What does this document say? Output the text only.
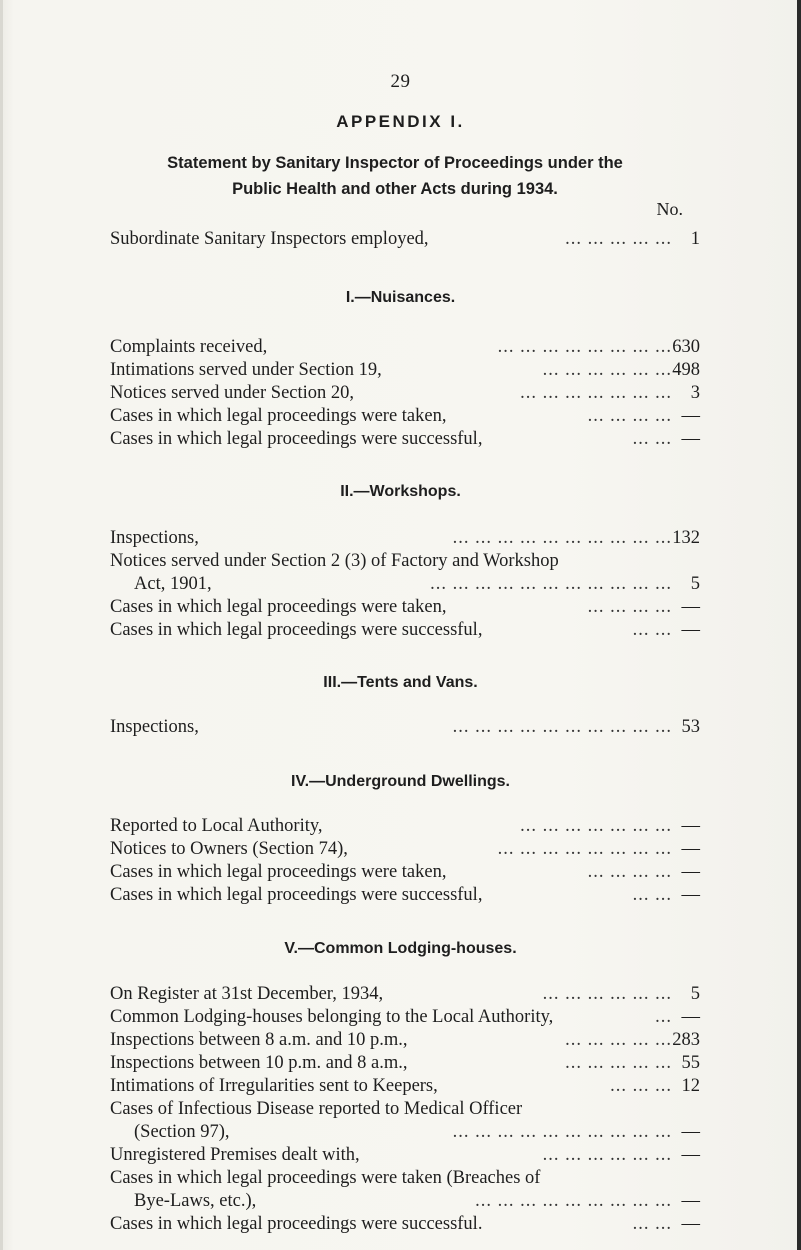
29
APPENDIX I.
Statement by Sanitary Inspector of Proceedings under the
Public Health and other Acts during 1934.
No.
Subordinate Sanitary Inspectors employed,	... ... ... ... ...	1
I.—Nuisances.
Complaints received,	... ... ... ... ... ... ... ... 630
Intimations served under Section 19,	... ... ... ... ... ... 498
Notices served under Section 20,	... ... ... ... ... ... ...	3
Cases in which legal proceedings were taken,	... ... ... ... —
Cases in which legal proceedings were successful,	... ... —
II.—Workshops.
Inspections,	... ... ... ... ... ... ... ... ... ... 132
Notices served under Section 2 (3) of Factory and Workshop
Act, 1901,	... ... ... ... ... ... ... ... ... ... ...	5
Cases in which legal proceedings were taken,	... ... ... ... —
Cases in which legal proceedings were successful,	... ... —
III.—Tents and Vans.
Inspections,	... ... ... ... ... ... ... ... ... ... 53
IV.—Underground Dwellings.
Reported to Local Authority,	... ... ... ... ... ... ... —
Notices to Owners (Section 74),	... ... ... ... ... ... ... ... —
Cases in which legal proceedings were taken,	... ... ... ... —
Cases in which legal proceedings were successful,	... ... —
V.—Common Lodging-houses.
On Register at 31st December, 1934,	... ... ... ... ... ...	5
Common Lodging-houses belonging to the Local Authority,	... —
Inspections between 8 a.m. and 10 p.m.,	... ... ... ... ... 283
Inspections between 10 p.m. and 8 a.m.,	... ... ... ... ... 55
Intimations of Irregularities sent to Keepers,	... ... ... 12
Cases of Infectious Disease reported to Medical Officer
(Section 97),	... ... ... ... ... ... ... ... ... ... —
Unregistered Premises dealt with,	... ... ... ... ... ... —
Cases in which legal proceedings were taken (Breaches of
Bye-Laws, etc.),	... ... ... ... ... ... ... ... ... —
Cases in which legal proceedings were successful.	... ... —
